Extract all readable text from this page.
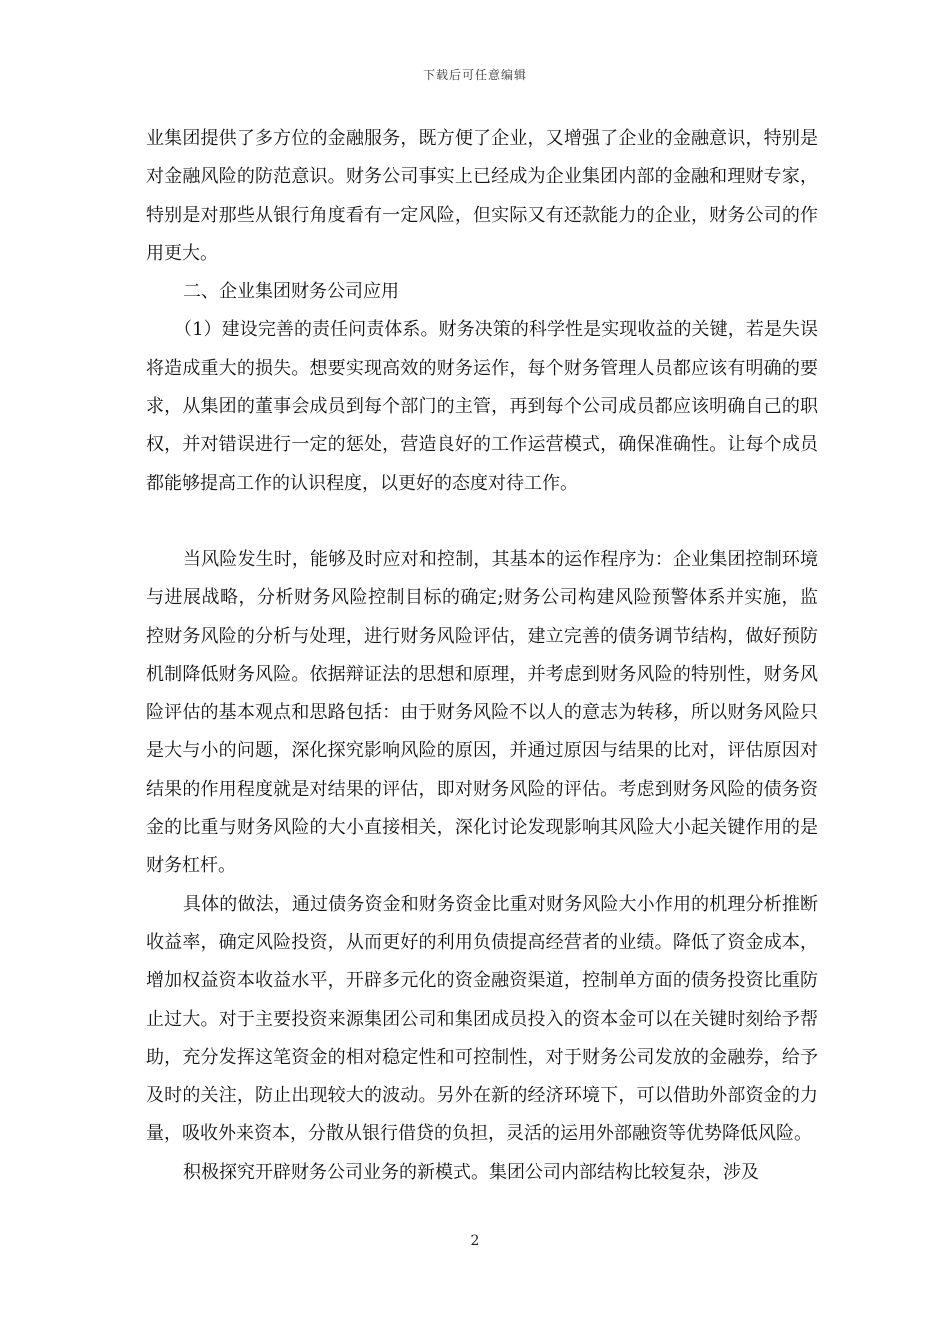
下载后可任意编辑

业集团提供了多方位的金融服务，既方便了企业，又增强了企业的金融意识，特别是对金融风险的防范意识。财务公司事实上已经成为企业集团内部的金融和理财专家，特别是对那些从银行角度看有一定风险，但实际又有还款能力的企业，财务公司的作用更大。

二、企业集团财务公司应用

（1）建设完善的责任问责体系。财务决策的科学性是实现收益的关键，若是失误将造成重大的损失。想要实现高效的财务运作，每个财务管理人员都应该有明确的要求，从集团的董事会成员到每个部门的主管，再到每个公司成员都应该明确自己的职权，并对错误进行一定的惩处，营造良好的工作运营模式，确保准确性。让每个成员都能够提高工作的认识程度，以更好的态度对待工作。

当风险发生时，能够及时应对和控制，其基本的运作程序为：企业集团控制环境与进展战略，分析财务风险控制目标的确定;财务公司构建风险预警体系并实施，监控财务风险的分析与处理，进行财务风险评估，建立完善的债务调节结构，做好预防机制降低财务风险。依据辩证法的思想和原理，并考虑到财务风险的特别性，财务风险评估的基本观点和思路包括：由于财务风险不以人的意志为转移，所以财务风险只是大与小的问题，深化探究影响风险的原因，并通过原因与结果的比对，评估原因对结果的作用程度就是对结果的评估，即对财务风险的评估。考虑到财务风险的债务资金的比重与财务风险的大小直接相关，深化讨论发现影响其风险大小起关键作用的是财务杠杆。

具体的做法，通过债务资金和财务资金比重对财务风险大小作用的机理分析推断收益率，确定风险投资，从而更好的利用负债提高经营者的业绩。降低了资金成本，增加权益资本收益水平，开辟多元化的资金融资渠道，控制单方面的债务投资比重防止过大。对于主要投资来源集团公司和集团成员投入的资本金可以在关键时刻给予帮助，充分发挥这笔资金的相对稳定性和可控制性，对于财务公司发放的金融券，给予及时的关注，防止出现较大的波动。另外在新的经济环境下，可以借助外部资金的力量，吸收外来资本，分散从银行借贷的负担，灵活的运用外部融资等优势降低风险。

积极探究开辟财务公司业务的新模式。集团公司内部结构比较复杂，涉及

2
